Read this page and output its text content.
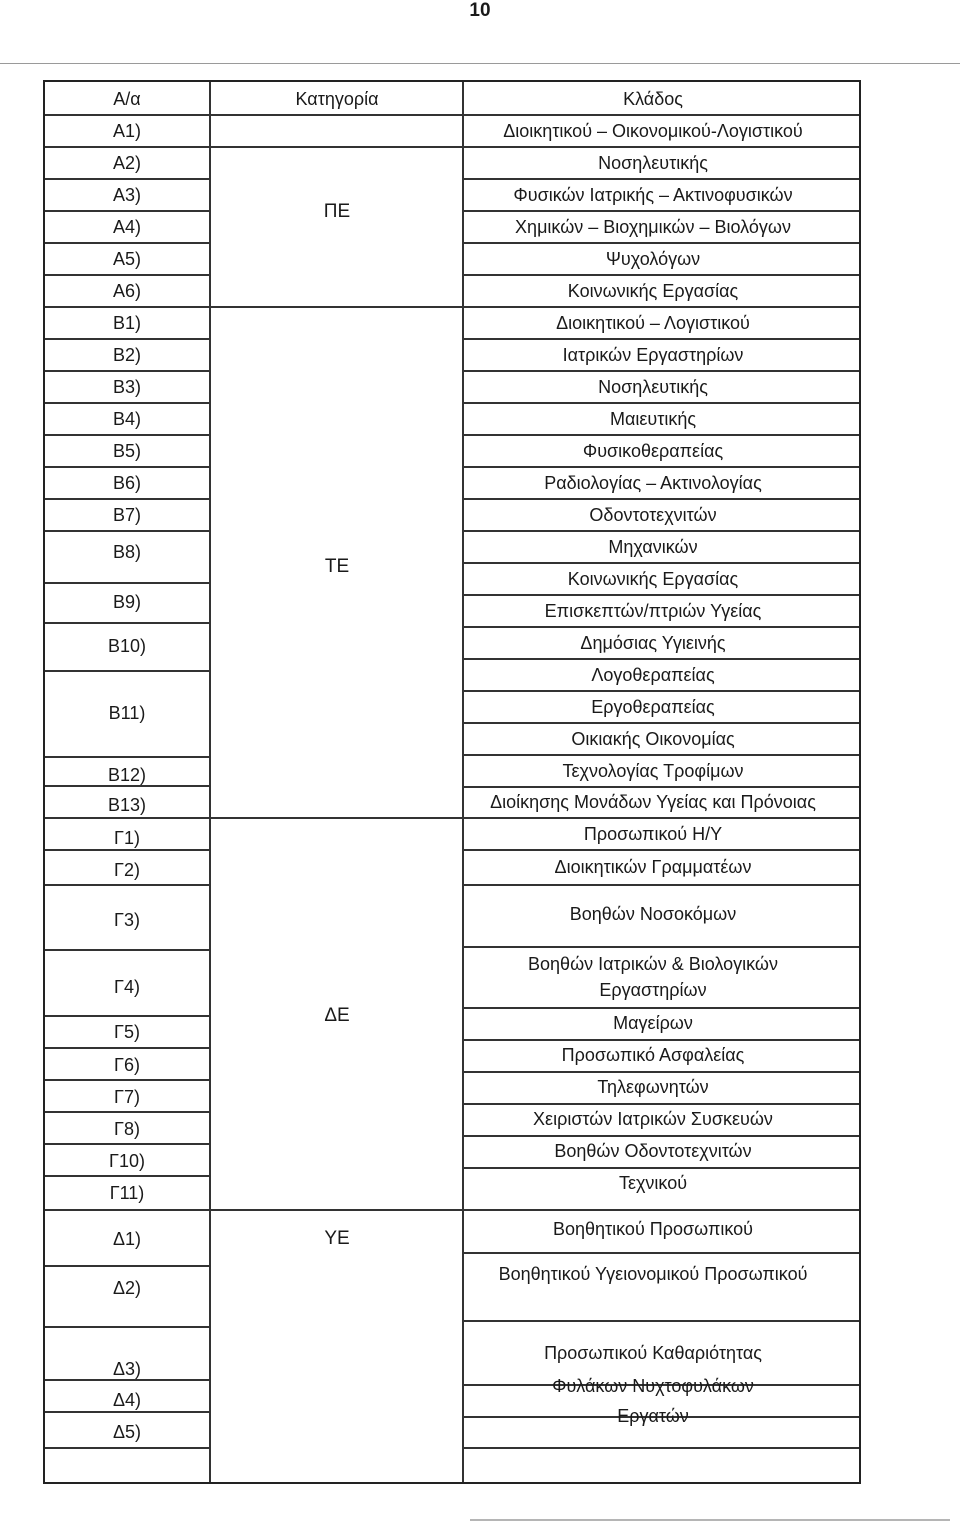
10
Α/α	Κατηγορία	Κλάδος
ΠΕ
ΤΕ
ΔΕ
ΥΕ
Α1)
Α2)
Α3)
Α4)
Α5)
Α6)
Β1)
Β2)
Β3)
Β4)
Β5)
Β6)
Β7)
Β8)
Β9)
Β10)
Β11)
Β12)
Β13)
Γ1)
Γ2)
Γ3)
Γ4)
Γ5)
Γ6)
Γ7)
Γ8)
Γ10)
Γ11)
Δ1)
Δ2)
Δ3)
Δ4)
Δ5)
Διοικητικού – Οικονομικού-Λογιστικού
Νοσηλευτικής
Φυσικών Ιατρικής – Ακτινοφυσικών
Χημικών – Βιοχημικών – Βιολόγων
Ψυχολόγων
Κοινωνικής Εργασίας
Διοικητικού – Λογιστικού
Ιατρικών Εργαστηρίων
Νοσηλευτικής
Μαιευτικής
Φυσικοθεραπείας
Ραδιολογίας – Ακτινολογίας
Οδοντοτεχνιτών
Μηχανικών
Κοινωνικής Εργασίας
Επισκεπτών/πτριών Υγείας
Δημόσιας Υγιεινής
Λογοθεραπείας
Εργοθεραπείας
Οικιακής Οικονομίας
Τεχνολογίας Τροφίμων
Διοίκησης Μονάδων Υγείας και Πρόνοιας
Προσωπικού Η/Υ
Διοικητικών Γραμματέων
Βοηθών Νοσοκόμων
Βοηθών Ιατρικών & Βιολογικών Εργαστηρίων
Μαγείρων
Προσωπικό Ασφαλείας
Τηλεφωνητών
Χειριστών Ιατρικών Συσκευών
Βοηθών Οδοντοτεχνιτών
Τεχνικού
Βοηθητικού Προσωπικού
Βοηθητικού Υγειονομικού Προσωπικού
Προσωπικού Καθαριότητας
Φυλάκων Νυχτοφυλάκων
Εργατών
